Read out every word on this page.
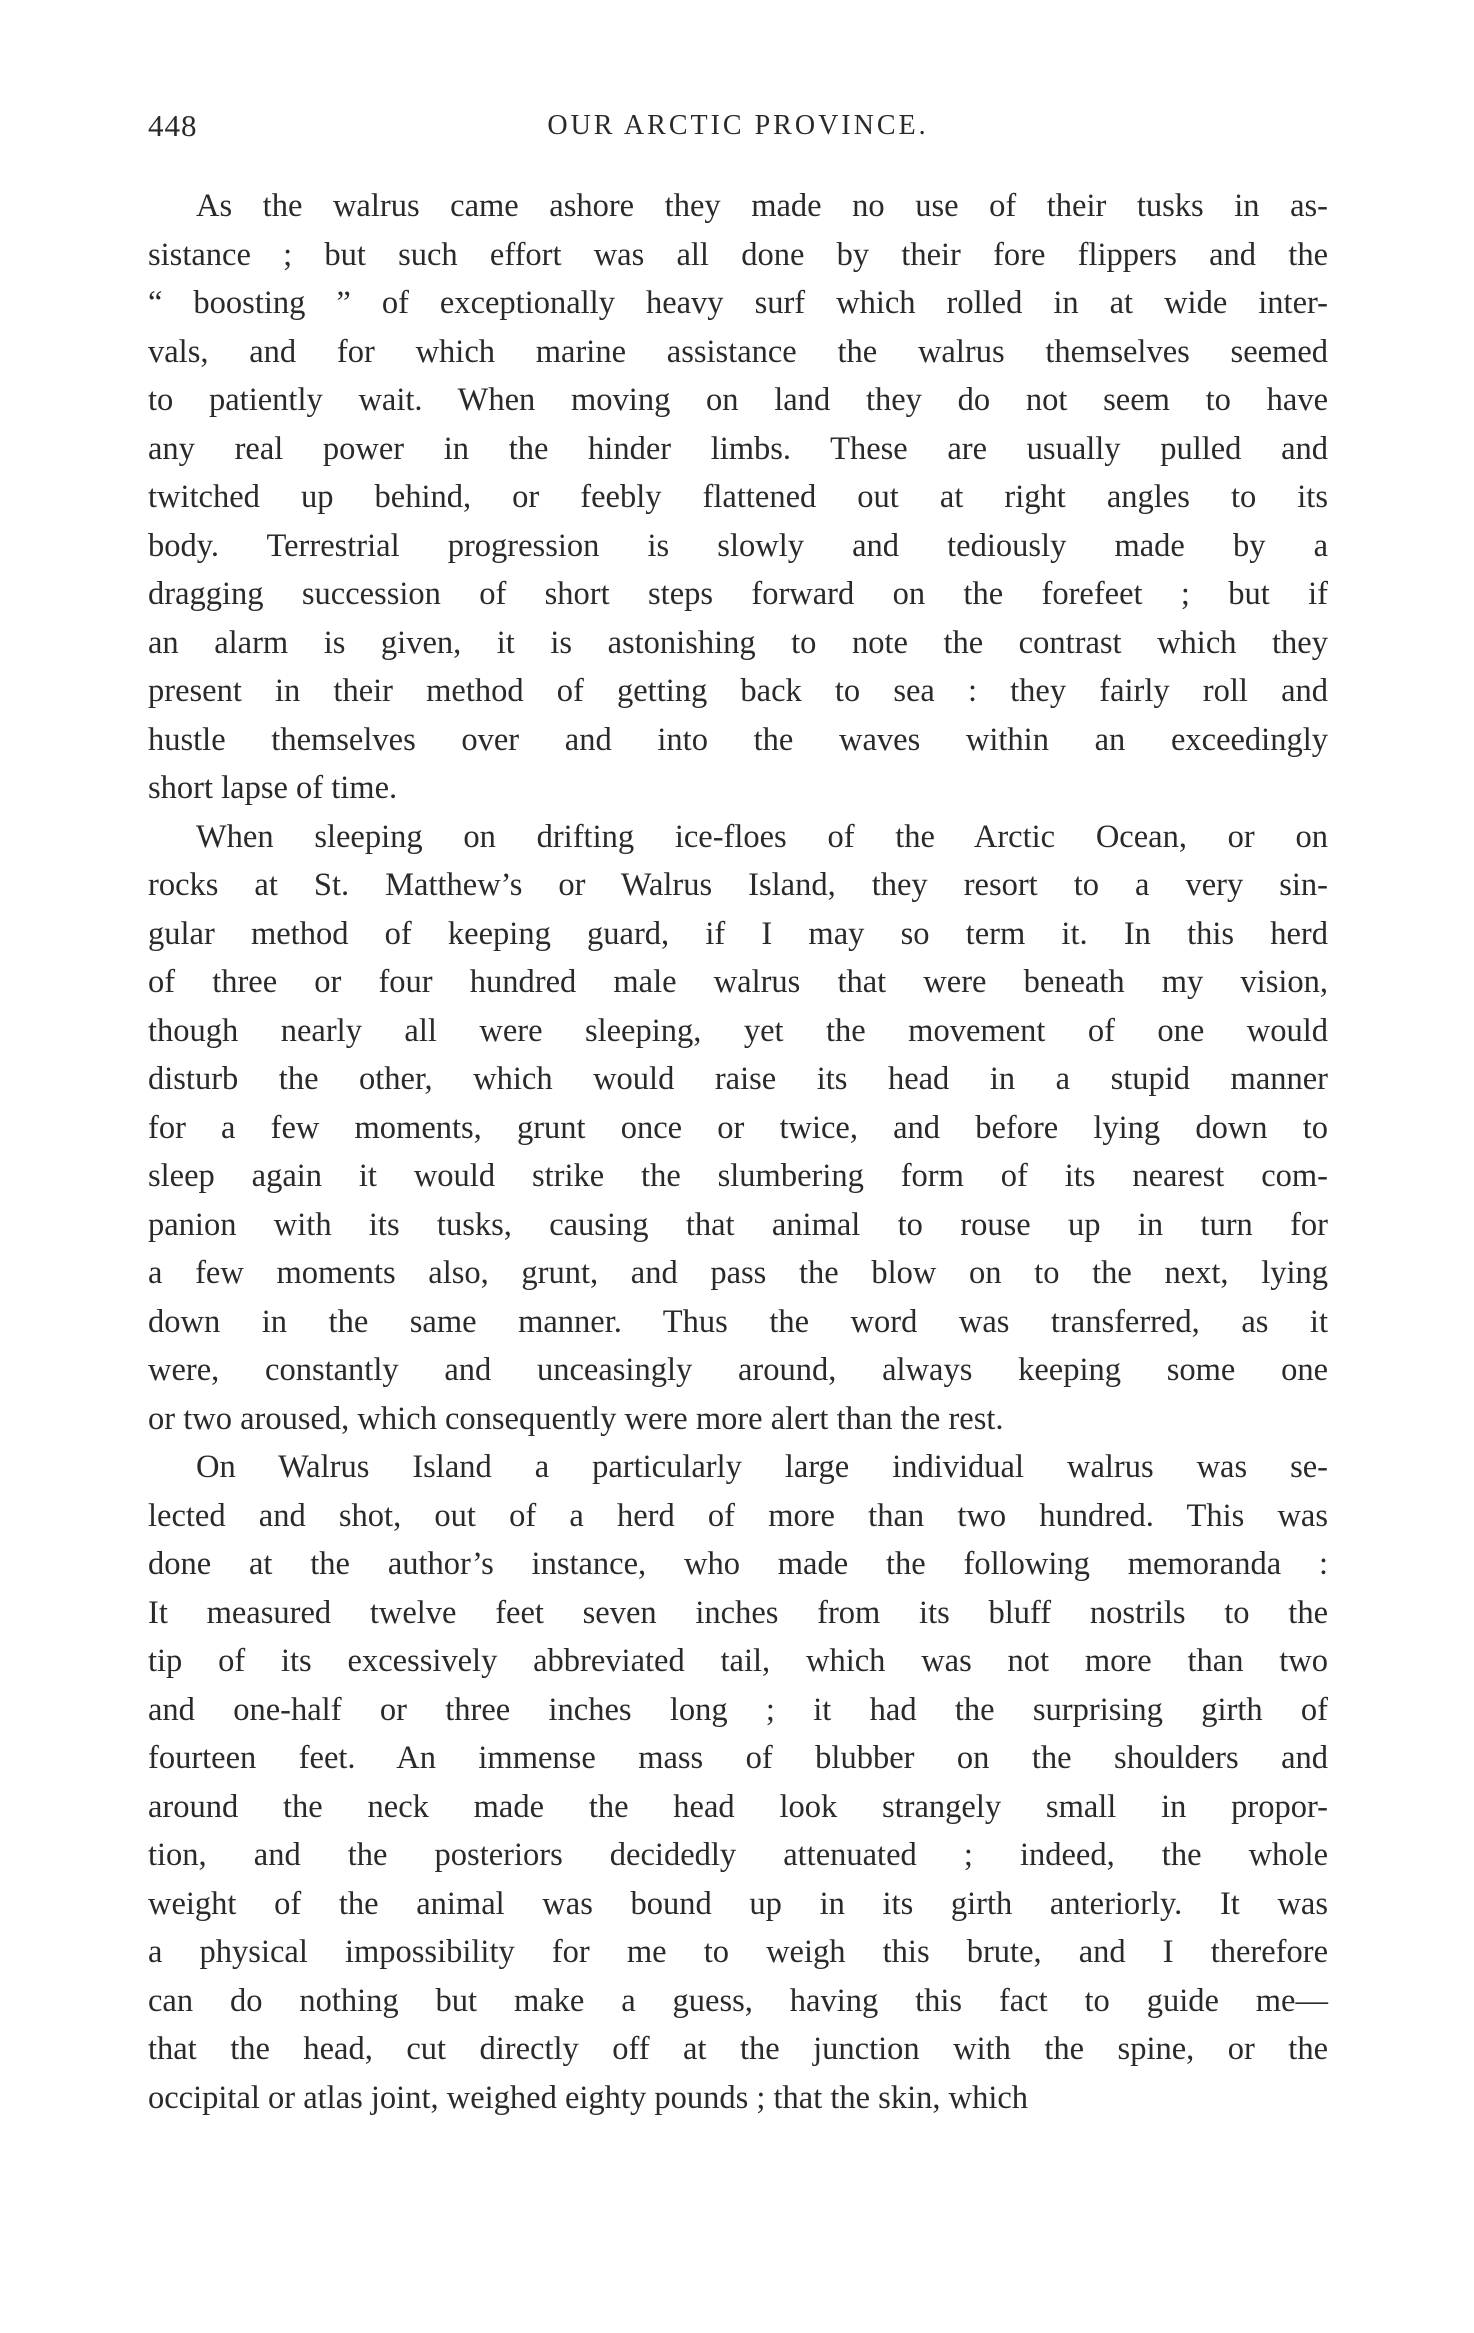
448	OUR ARCTIC PROVINCE.
As the walrus came ashore they made no use of their tusks in as-
sistance ; but such effort was all done by their fore flippers and the
“ boosting ” of exceptionally heavy surf which rolled in at wide inter-
vals, and for which marine assistance the walrus themselves seemed
to patiently wait. When moving on land they do not seem to have
any real power in the hinder limbs. These are usually pulled and
twitched up behind, or feebly flattened out at right angles to its
body. Terrestrial progression is slowly and tediously made by a
dragging succession of short steps forward on the forefeet ; but if
an alarm is given, it is astonishing to note the contrast which they
present in their method of getting back to sea : they fairly roll and
hustle themselves over and into the waves within an exceedingly
short lapse of time.
When sleeping on drifting ice-floes of the Arctic Ocean, or on
rocks at St. Matthew’s or Walrus Island, they resort to a very sin-
gular method of keeping guard, if I may so term it. In this herd
of three or four hundred male walrus that were beneath my vision,
though nearly all were sleeping, yet the movement of one would
disturb the other, which would raise its head in a stupid manner
for a few moments, grunt once or twice, and before lying down to
sleep again it would strike the slumbering form of its nearest com-
panion with its tusks, causing that animal to rouse up in turn for
a few moments also, grunt, and pass the blow on to the next, lying
down in the same manner. Thus the word was transferred, as it
were, constantly and unceasingly around, always keeping some one
or two aroused, which consequently were more alert than the rest.
On Walrus Island a particularly large individual walrus was se-
lected and shot, out of a herd of more than two hundred. This was
done at the author’s instance, who made the following memoranda :
It measured twelve feet seven inches from its bluff nostrils to the
tip of its excessively abbreviated tail, which was not more than two
and one-half or three inches long ; it had the surprising girth of
fourteen feet. An immense mass of blubber on the shoulders and
around the neck made the head look strangely small in propor-
tion, and the posteriors decidedly attenuated ; indeed, the whole
weight of the animal was bound up in its girth anteriorly. It was
a physical impossibility for me to weigh this brute, and I therefore
can do nothing but make a guess, having this fact to guide me—
that the head, cut directly off at the junction with the spine, or the
occipital or atlas joint, weighed eighty pounds ; that the skin, which
